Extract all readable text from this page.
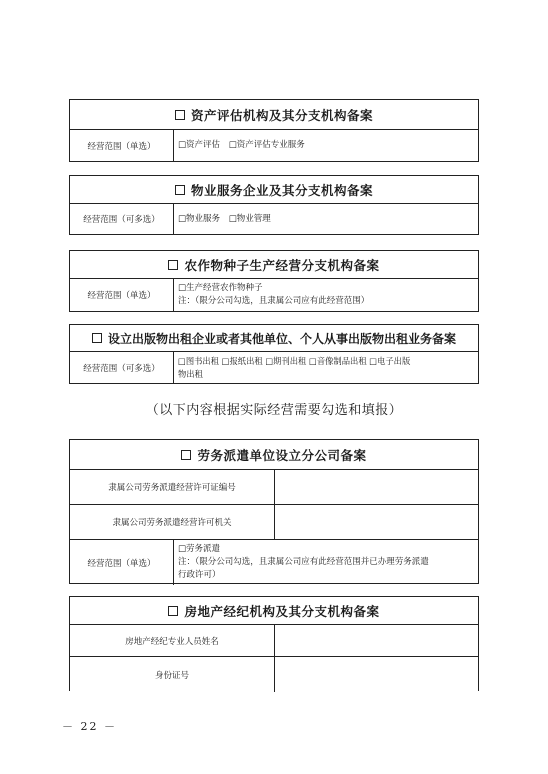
资产评估机构及其分支机构备案
经营范围（单选）	□资产评估 □资产评估专业服务
物业服务企业及其分支机构备案
经营范围（可多选）	□物业服务 □物业管理
农作物种子生产经营分支机构备案
经营范围（单选）
□生产经营农作物种子
注：（限分公司勾选，且隶属公司应有此经营范围）
设立出版物出租企业或者其他单位、个人从事出版物出租业务备案
经营范围（可多选）
□图书出租 □报纸出租 □期刊出租 □音像制品出租 □电子出版
物出租
（以下内容根据实际经营需要勾选和填报）
劳务派遣单位设立分公司备案
隶属公司劳务派遣经营许可证编号
隶属公司劳务派遣经营许可机关
经营范围（单选）
□劳务派遣
注：（限分公司勾选，且隶属公司应有此经营范围并已办理劳务派遣
行政许可）
房地产经纪机构及其分支机构备案
房地产经纪专业人员姓名
身份证号
－ 22 －
